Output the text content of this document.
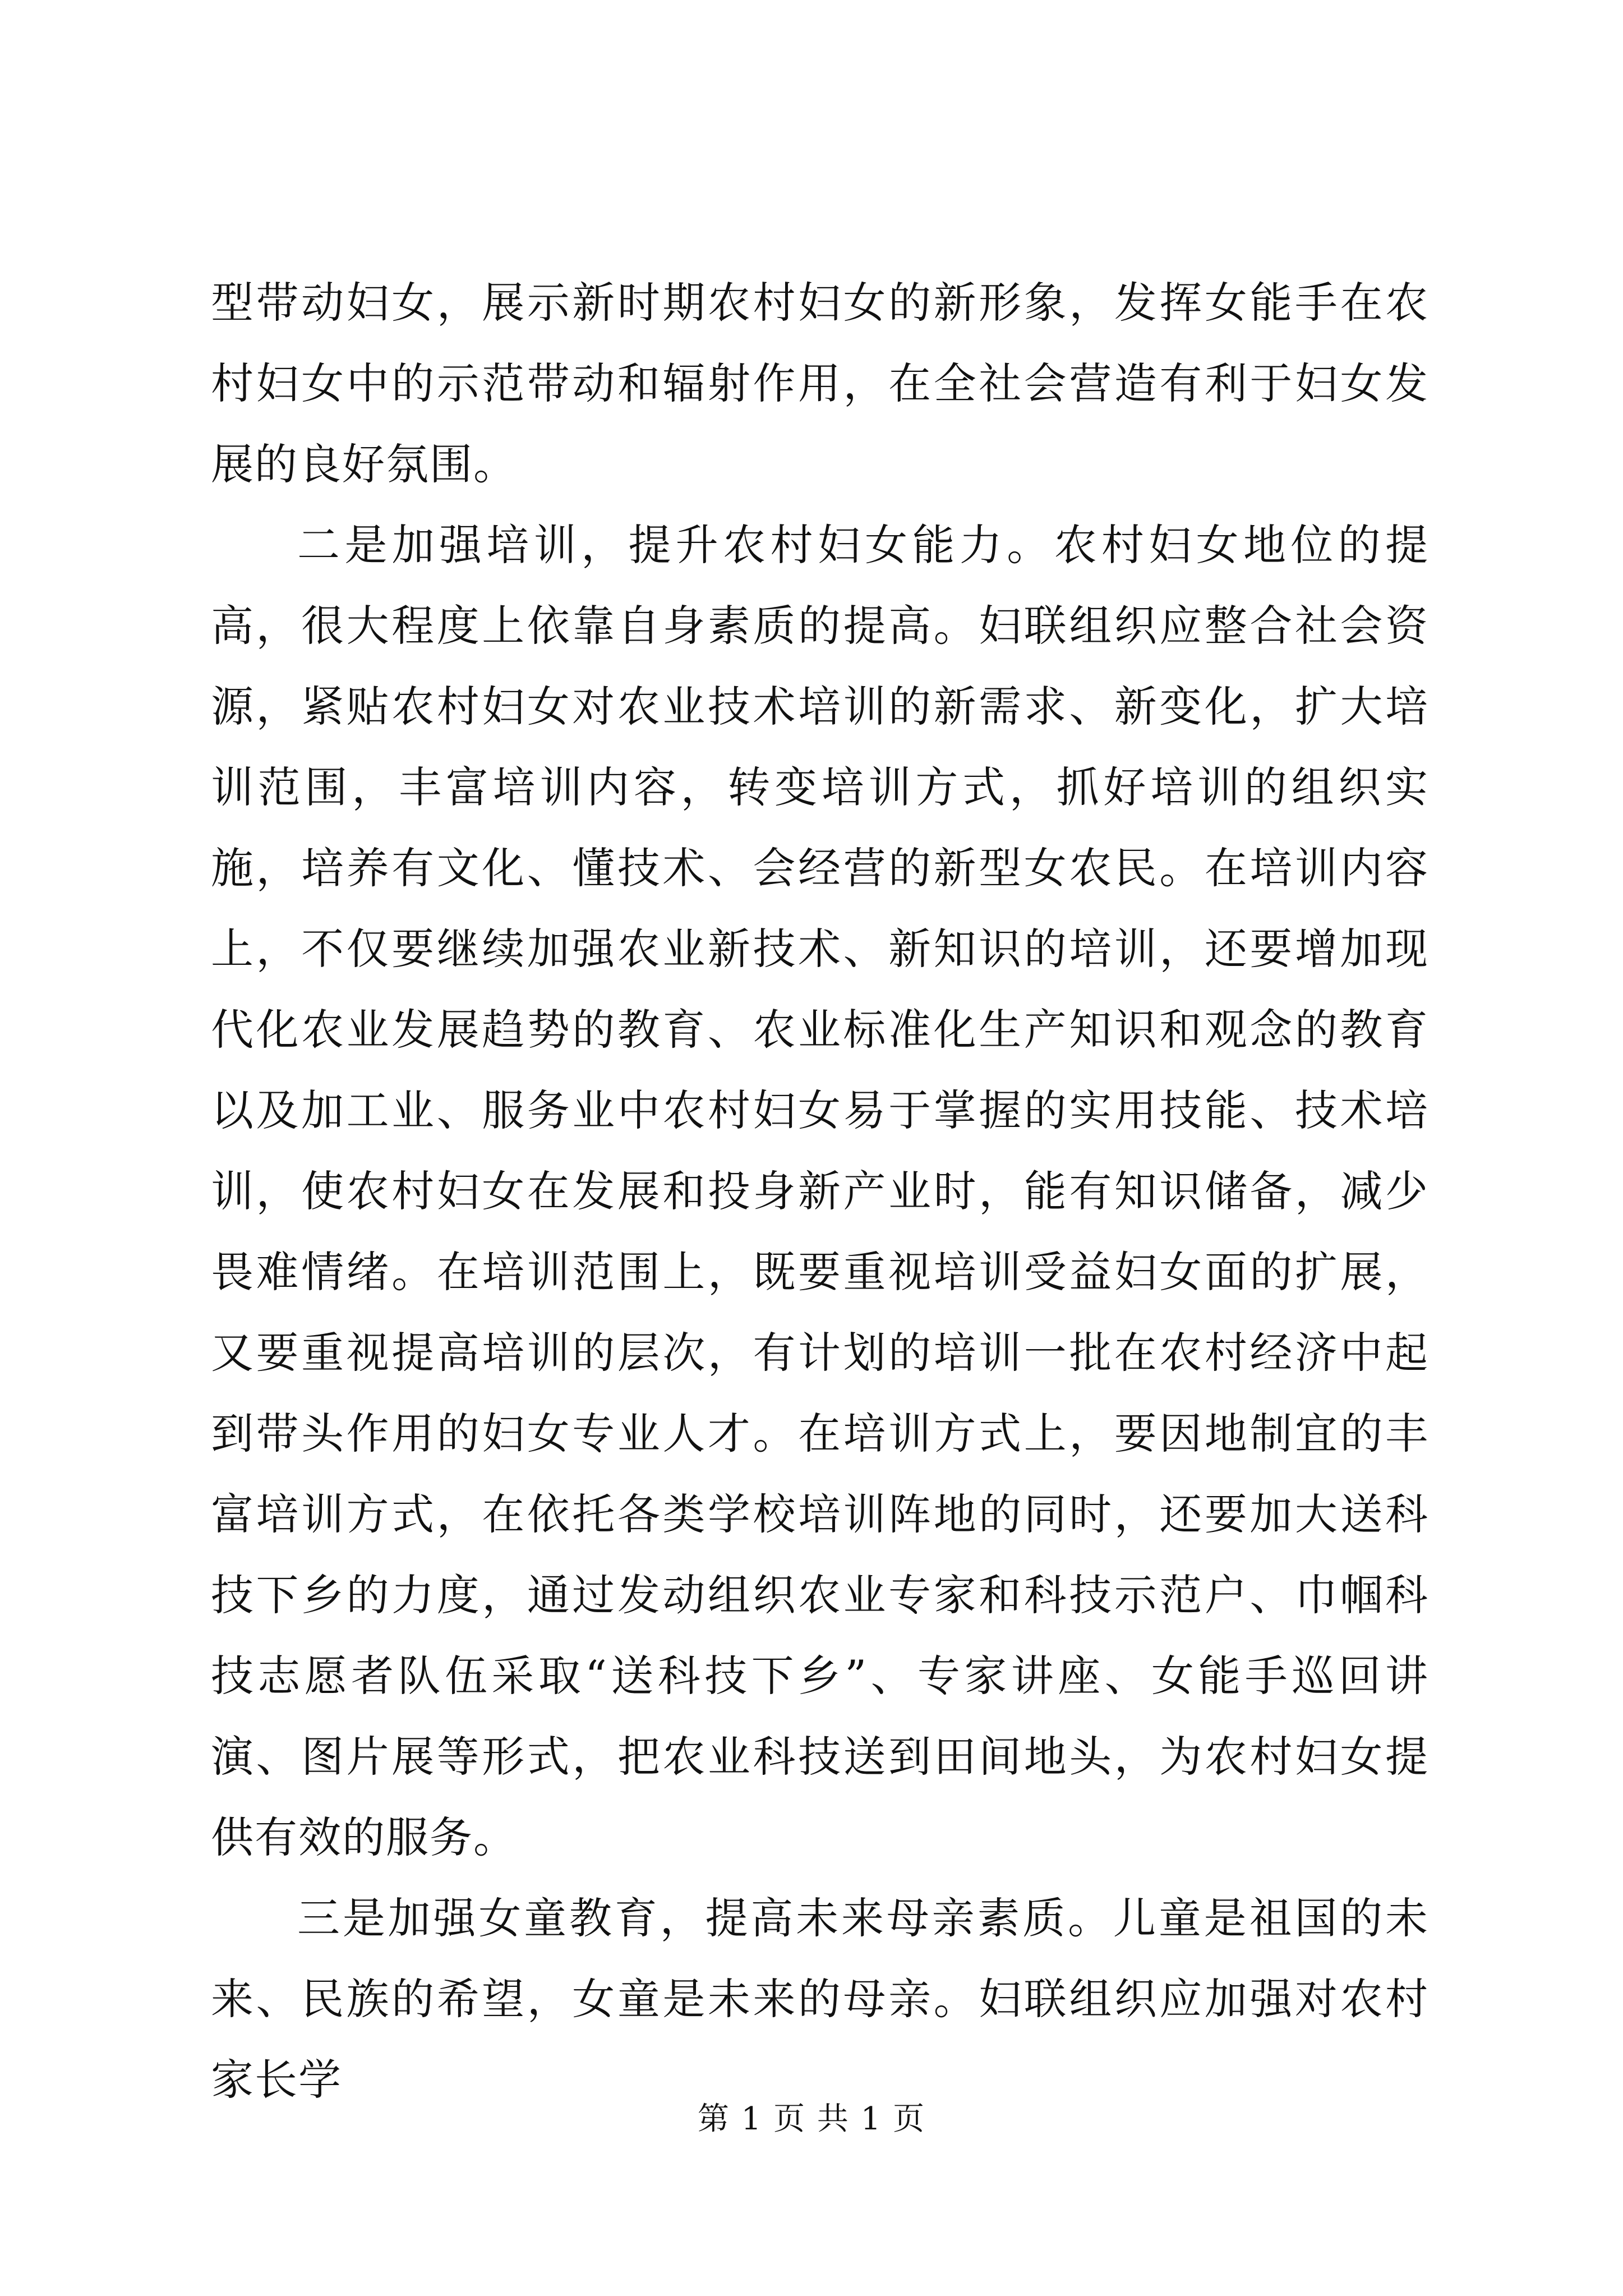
型带动妇女，展示新时期农村妇女的新形象，发挥女能手在农村妇女中的示范带动和辐射作用，在全社会营造有利于妇女发展的良好氛围。

二是加强培训，提升农村妇女能力。农村妇女地位的提高，很大程度上依靠自身素质的提高。妇联组织应整合社会资源，紧贴农村妇女对农业技术培训的新需求、新变化，扩大培训范围，丰富培训内容，转变培训方式，抓好培训的组织实施，培养有文化、懂技术、会经营的新型女农民。在培训内容上，不仅要继续加强农业新技术、新知识的培训，还要增加现代化农业发展趋势的教育、农业标准化生产知识和观念的教育以及加工业、服务业中农村妇女易于掌握的实用技能、技术培训，使农村妇女在发展和投身新产业时，能有知识储备，减少畏难情绪。在培训范围上，既要重视培训受益妇女面的扩展，又要重视提高培训的层次，有计划的培训一批在农村经济中起到带头作用的妇女专业人才。在培训方式上，要因地制宜的丰富培训方式，在依托各类学校培训阵地的同时，还要加大送科技下乡的力度，通过发动组织农业专家和科技示范户、巾帼科技志愿者队伍采取“送科技下乡”、专家讲座、女能手巡回讲演、图片展等形式，把农业科技送到田间地头，为农村妇女提供有效的服务。

三是加强女童教育，提高未来母亲素质。儿童是祖国的未来、民族的希望，女童是未来的母亲。妇联组织应加强对农村家长学

第 1 页 共 1 页
